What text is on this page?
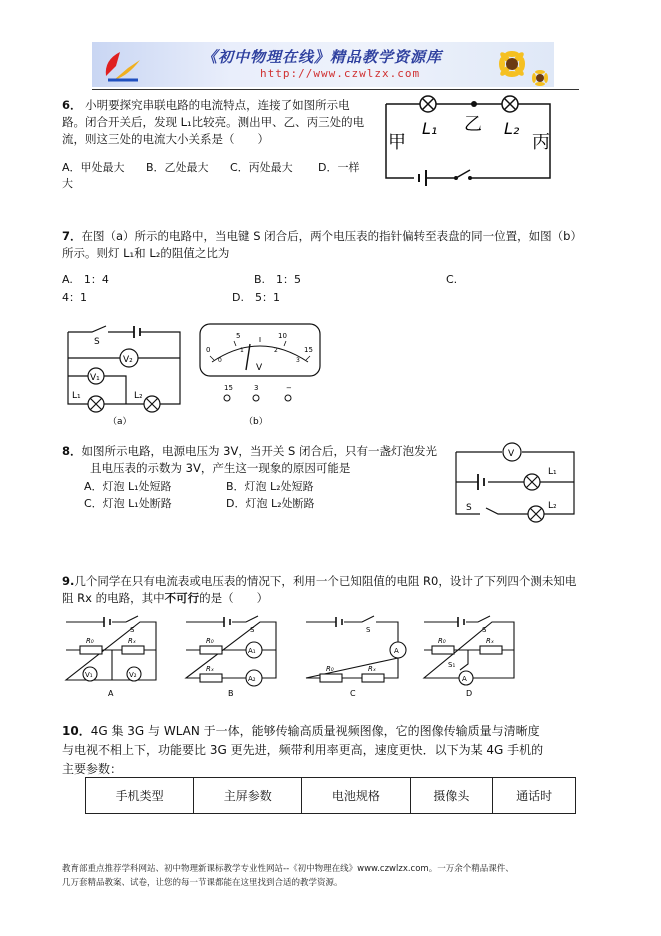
《初中物理在线》精品教学资源库
http://www.czwlzx.com
6． 小明要探究串联电路的电流特点，连接了如图所示电
路。闭合开关后，发现 L₁比较亮。测出甲、乙、丙三处的电
流，则这三处的电流大小关系是（　　）
A．甲处最大 B．乙处最大 C．丙处最大 D．一样
大
甲
乙
丙
L₁	L₂
7．在图（a）所示的电路中，当电键 S 闭合后，两个电压表的指针偏转至表盘的同一位置，如图（b）
所示。则灯 L₁和 L₂的阻值之比为
A.　1：4	B.　1：5	C.
4：1	D.　5：1
S
V₂
V₁
L₁	L₂
（a）
0
5	10
15
0
1	2
3
V
15	3	−
（b）
8．如图所示电路，电源电压为 3V，当开关 S 闭合后，只有一盏灯泡发光
且电压表的示数为 3V，产生这一现象的原因可能是
A．灯泡 L₁处短路	B．灯泡 L₂处短路
C．灯泡 L₁处断路	D．灯泡 L₂处断路
V
L₁
L₂
S
9.几个同学在只有电流表或电压表的情况下，利用一个已知阻值的电阻 R0，设计了下列四个测未知电
阻 Rx 的电路，其中不可行的是（　　）
R₀	Rₓ
S
V₁	V₂
A
R₀
Rₓ
S
A₁
A₂
B
S
A
R₀	Rₓ
C
R₀	Rₓ
S
S₁
A
D
10．4G 集 3G 与 WLAN 于一体，能够传输高质量视频图像，它的图像传输质量与清晰度
与电视不相上下，功能要比 3G 更先进，频带利用率更高，速度更快．以下为某 4G 手机的
主要参数：
手机类型	主屏参数	电池规格	摄像头	通话时
教育部重点推荐学科网站、初中物理新课标教学专业性网站--《初中物理在线》www.czwlzx.com。一万余个精品课件、
几万套精品教案、试卷，让您的每一节课都能在这里找到合适的教学资源。
